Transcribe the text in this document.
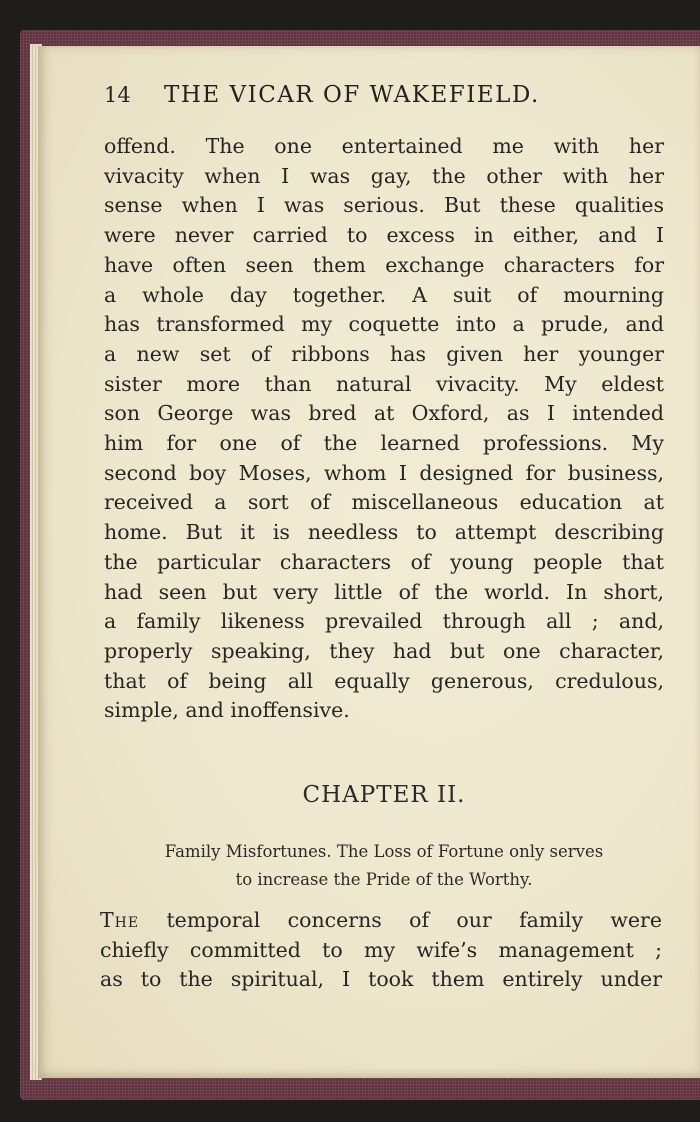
14	THE VICAR OF WAKEFIELD.
offend. The one entertained me with her
vivacity when I was gay, the other with her
sense when I was serious. But these qualities
were never carried to excess in either, and I
have often seen them exchange characters for
a whole day together. A suit of mourning
has transformed my coquette into a prude, and
a new set of ribbons has given her younger
sister more than natural vivacity. My eldest
son George was bred at Oxford, as I intended
him for one of the learned professions. My
second boy Moses, whom I designed for business,
received a sort of miscellaneous education at
home. But it is needless to attempt describing
the particular characters of young people that
had seen but very little of the world. In short,
a family likeness prevailed through all ; and,
properly speaking, they had but one character,
that of being all equally generous, credulous,
simple, and inoffensive.
CHAPTER II.
Family Misfortunes. The Loss of Fortune only serves
to increase the Pride of the Worthy.
The temporal concerns of our family were
chiefly committed to my wife’s management ;
as to the spiritual, I took them entirely under
